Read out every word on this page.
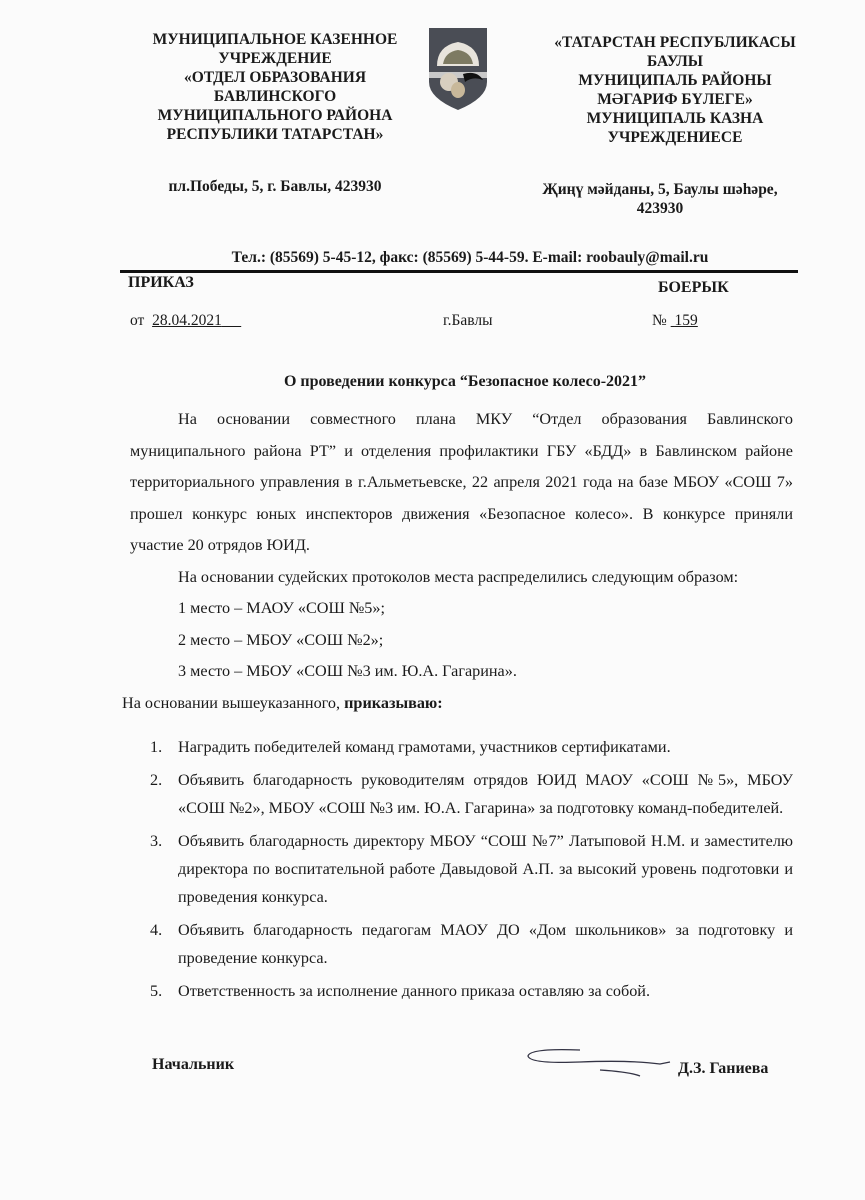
МУНИЦИПАЛЬНОЕ КАЗЕННОЕ
УЧРЕЖДЕНИЕ
«ОТДЕЛ ОБРАЗОВАНИЯ
БАВЛИНСКОГО
МУНИЦИПАЛЬНОГО РАЙОНА
РЕСПУБЛИКИ ТАТАРСТАН»
«ТАТАРСТАН РЕСПУБЛИКАСЫ
БАУЛЫ
МУНИЦИПАЛЬ РАЙОНЫ
МӘГАРИФ БҮЛЕГЕ»
МУНИЦИПАЛЬ КАЗНА
УЧРЕЖДЕНИЕСЕ
пл.Победы, 5, г. Бавлы, 423930	Җиңү мәйданы, 5, Баулы шәһәре,
423930
Тел.: (85569) 5-45-12, факс: (85569) 5-44-59. E-mail: roobauly@mail.ru
ПРИКАЗ	БОЕРЫК
от 28.04.2021	г.Бавлы	№ 159
О проведении конкурса “Безопасное колесо-2021”

На основании совместного плана МКУ “Отдел образования Бавлинского муниципального района РТ” и отделения профилактики ГБУ «БДД» в Бавлинском районе территориального управления в г.Альметьевске, 22 апреля 2021 года на базе МБОУ «СОШ 7» прошел конкурс юных инспекторов движения «Безопасное колесо». В конкурсе приняли участие 20 отрядов ЮИД.

На основании судейских протоколов места распределились следующим образом:

1 место – МАОУ «СОШ №5»;

2 место – МБОУ «СОШ №2»;

3 место – МБОУ «СОШ №3 им. Ю.А. Гагарина».

На основании вышеуказанного, приказываю:

1. Наградить победителей команд грамотами, участников сертификатами.
2. Объявить благодарность руководителям отрядов ЮИД МАОУ «СОШ №5», МБОУ «СОШ №2», МБОУ «СОШ №3 им. Ю.А. Гагарина» за подготовку команд-победителей.
3. Объявить благодарность директору МБОУ “СОШ №7” Латыповой Н.М. и заместителю директора по воспитательной работе Давыдовой А.П. за высокий уровень подготовки и проведения конкурса.
4. Объявить благодарность педагогам МАОУ ДО «Дом школьников» за подготовку и проведение конкурса.
5. Ответственность за исполнение данного приказа оставляю за собой.
Начальник	Д.З. Ганиева
